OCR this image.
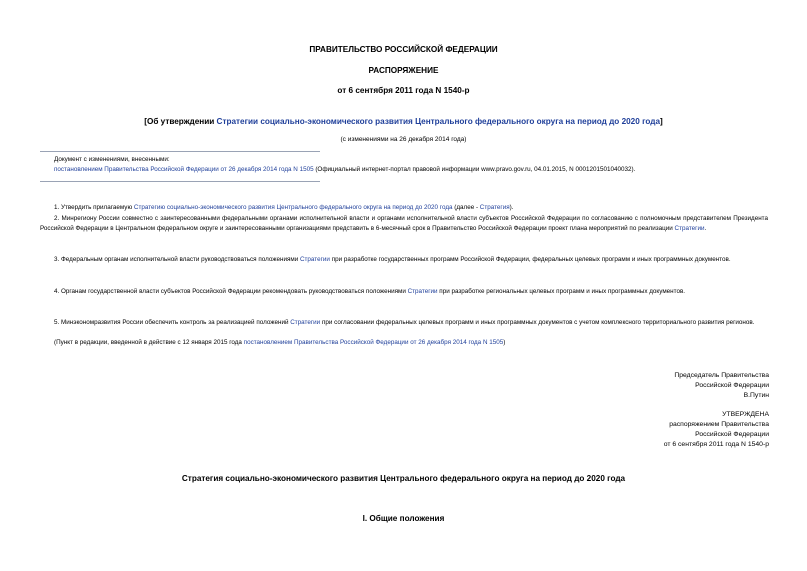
ПРАВИТЕЛЬСТВО РОССИЙСКОЙ ФЕДЕРАЦИИ
РАСПОРЯЖЕНИЕ
от 6 сентября 2011 года N 1540-р
[Об утверждении Стратегии социально-экономического развития Центрального федерального округа на период до 2020 года]
(с изменениями на 26 декабря 2014 года)
Документ с изменениями, внесенными:
постановлением Правительства Российской Федерации от 26 декабря 2014 года N 1505 (Официальный интернет-портал правовой информации www.pravo.gov.ru, 04.01.2015, N 0001201501040032).
1. Утвердить прилагаемую Стратегию социально-экономического развития Центрального федерального округа на период до 2020 года (далее - Стратегия).
2. Минрегиону России совместно с заинтересованными федеральными органами исполнительной власти и органами исполнительной власти субъектов Российской Федерации по согласованию с полномочным представителем Президента Российской Федерации в Центральном федеральном округе и заинтересованными организациями представить в 6-месячный срок в Правительство Российской Федерации проект плана мероприятий по реализации Стратегии.
3. Федеральным органам исполнительной власти руководствоваться положениями Стратегии при разработке государственных программ Российской Федерации, федеральных целевых программ и иных программных документов.
4. Органам государственной власти субъектов Российской Федерации рекомендовать руководствоваться положениями Стратегии при разработке региональных целевых программ и иных программных документов.
5. Минэкономразвития России обеспечить контроль за реализацией положений Стратегии при согласовании федеральных целевых программ и иных программных документов с учетом комплексного территориального развития регионов.
(Пункт в редакции, введенной в действие с 12 января 2015 года постановлением Правительства Российской Федерации от 26 декабря 2014 года N 1505)
Председатель Правительства
Российской Федерации
В.Путин
УТВЕРЖДЕНА
распоряжением Правительства
Российской Федерации
от 6 сентября 2011 года N 1540-р
Стратегия социально-экономического развития Центрального федерального округа на период до 2020 года
I. Общие положения
